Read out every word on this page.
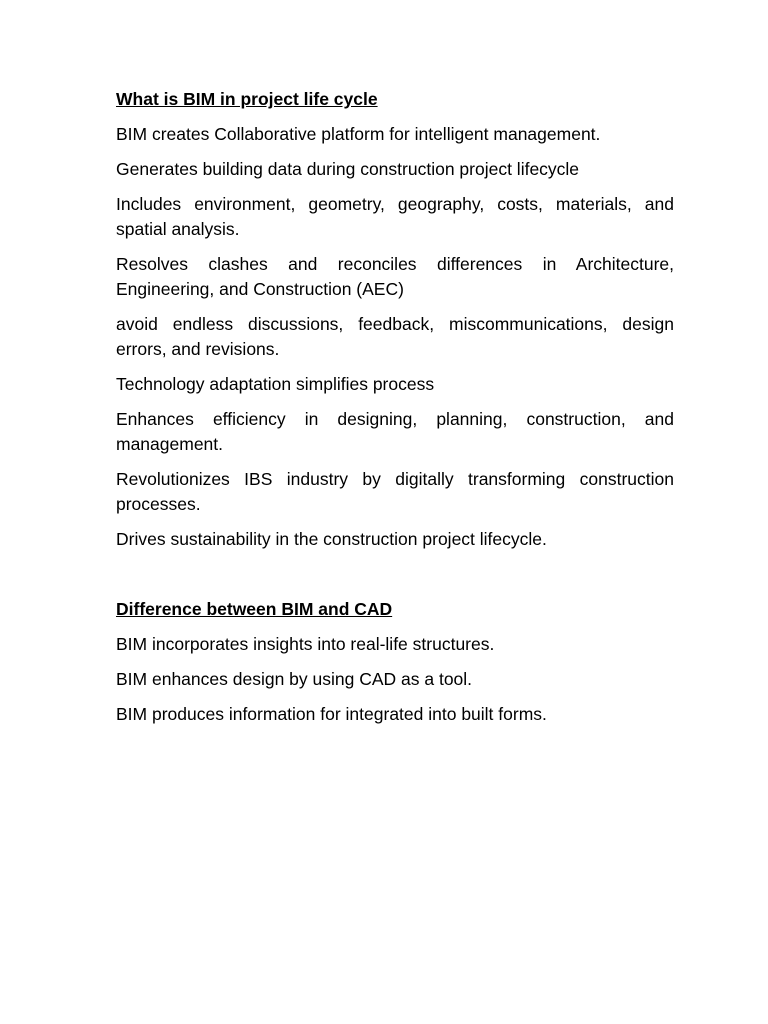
What is BIM in project life cycle
BIM creates Collaborative platform for intelligent management.
Generates building data during construction project lifecycle
Includes environment, geometry, geography, costs, materials, and spatial analysis.
Resolves clashes and reconciles differences in Architecture, Engineering, and Construction (AEC)
avoid endless discussions, feedback, miscommunications, design errors, and revisions.
Technology adaptation simplifies process
Enhances efficiency in designing, planning, construction, and management.
Revolutionizes IBS industry by digitally transforming construction processes.
Drives sustainability in the construction project lifecycle.
Difference between BIM and CAD
BIM incorporates insights into real-life structures.
BIM enhances design by using CAD as a tool.
BIM produces information for integrated into built forms.
